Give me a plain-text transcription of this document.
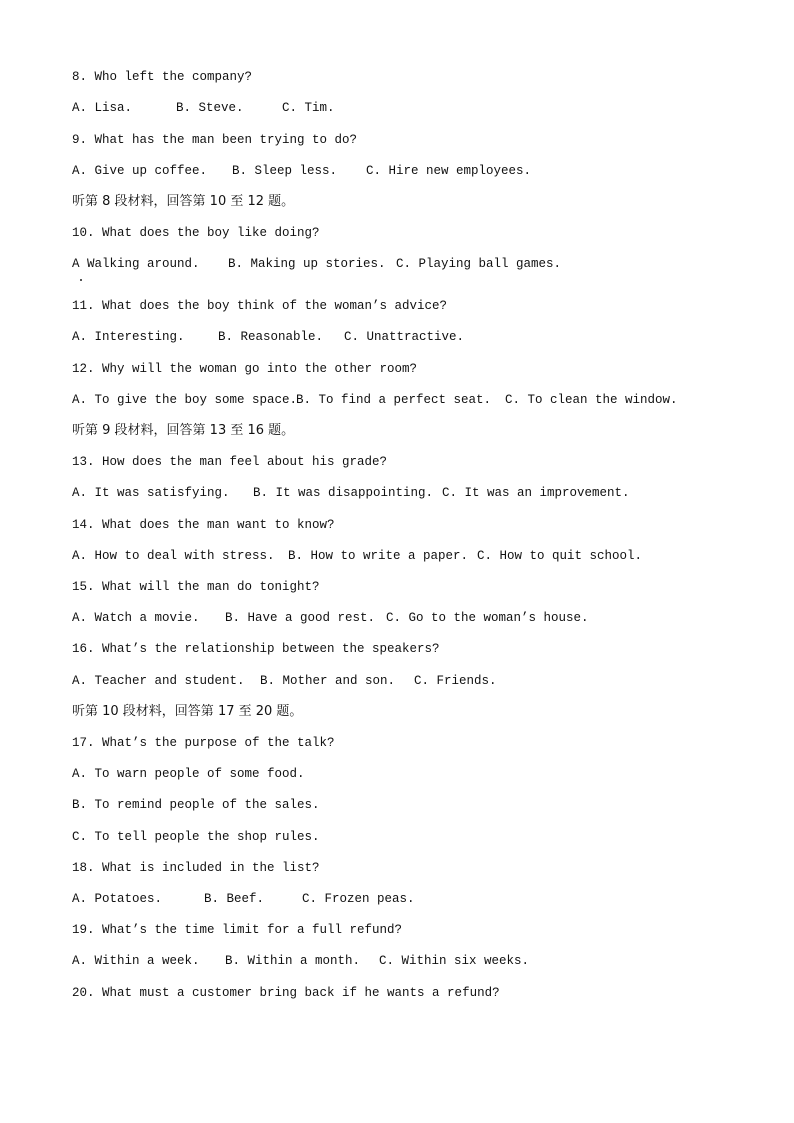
8. Who left the company?
A. Lisa.	B. Steve.	C. Tim.
9. What has the man been trying to do?
A. Give up coffee. B. Sleep less. C. Hire new employees.
听第 8 段材料，回答第 10 至 12 题。
10. What does the boy like doing?
A Walking around. B. Making up stories. C. Playing ball games.
11. What does the boy think of the woman’s advice?
A. Interesting.	B. Reasonable. C. Unattractive.
12. Why will the woman go into the other room?
A. To give the boy some space.
B. To find a perfect seat. C. To clean the window.
听第 9 段材料，回答第 13 至 16 题。
13. How does the man feel about his grade?
A. It was satisfying. B. It was disappointing. C. It was an improvement.
14. What does the man want to know?
A. How to deal with stress. B. How to write a paper. C. How to quit school.
15. What will the man do tonight?
A. Watch a movie. B. Have a good rest. C. Go to the woman’s house.
16. What’s the relationship between the speakers?
A. Teacher and student. B. Mother and son. C. Friends.
听第 10 段材料，回答第 17 至 20 题。
17. What’s the purpose of the talk?
A. To warn people of some food.
B. To remind people of the sales.
C. To tell people the shop rules.
18. What is included in the list?
A. Potatoes.	B. Beef.	C. Frozen peas.
19. What’s the time limit for a full refund?
A. Within a week. B. Within a month. C. Within six weeks.
20. What must a customer bring back if he wants a refund?
